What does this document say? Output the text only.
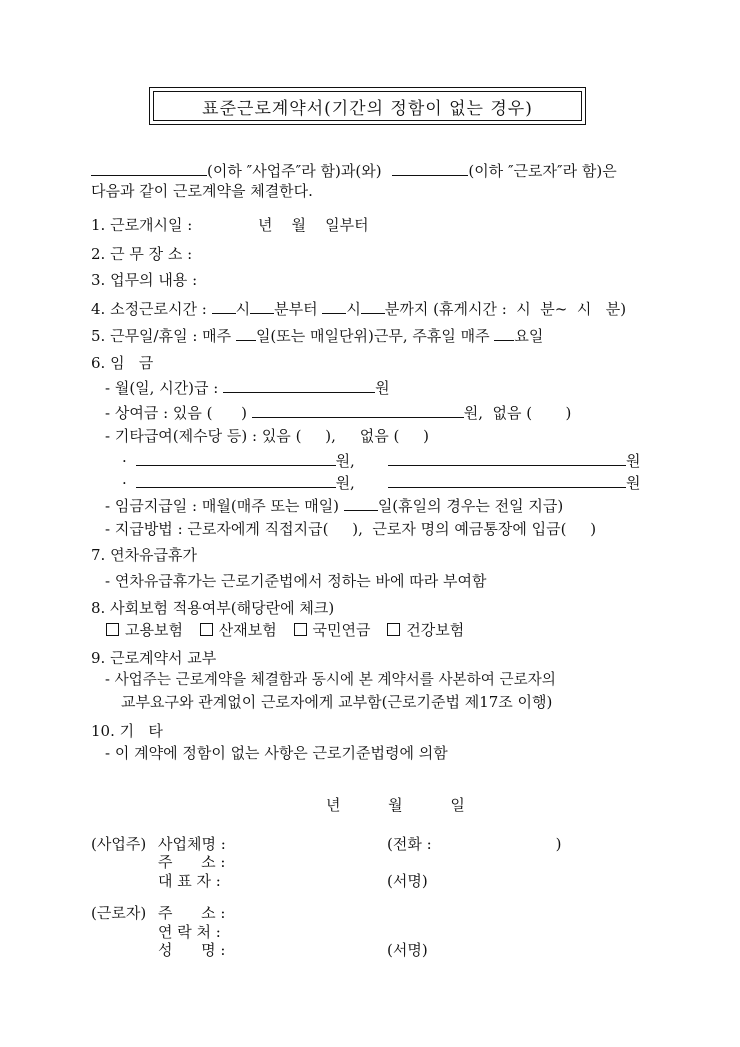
표준근로계약서(기간의 정함이 없는 경우)
(이하 ″사업주″라 함)과(와)	(이하 ″근로자″라 함)은
다음과 같이 근로계약을 체결한다.
1. 근로개시일 :	년    월    일부터
2. 근 무 장 소 :
3. 업무의 내용 :
4. 소정근로시간 : 시 분부터 시 분까지 (휴게시간 :  시  분~  시   분)
5. 근무일/휴일 : 매주 일(또는 매일단위)근무, 주휴일 매주 요일
6. 임   금
- 월(일, 시간)급 :	원
- 상여금 : 있음 (      )	원,  없음 (       )
- 기타급여(제수당 등) : 있음 (     ),     없음 (     )
·	원,	원
·	원,	원
- 임금지급일 : 매월(매주 또는 매일) 일(휴일의 경우는 전일 지급)
- 지급방법 : 근로자에게 직접지급(     ),  근로자 명의 예금통장에 입금(     )
7. 연차유급휴가
- 연차유급휴가는 근로기준법에서 정하는 바에 따라 부여함
8. 사회보험 적용여부(해당란에 체크)
고용보험 산재보험 국민연금 건강보험
9. 근로계약서 교부
- 사업주는 근로계약을 체결함과 동시에 본 계약서를 사본하여 근로자의
교부요구와 관계없이 근로자에게 교부함(근로기준법 제17조 이행)
10. 기   타
- 이 계약에 정함이 없는 사항은 근로기준법령에 의함
년          월          일
(사업주) 사업체명 :	(전화 :                          )
주      소 :
대 표 자 :	(서명)
(근로자) 주      소 :
연 락 처 :
성      명 :	(서명)
